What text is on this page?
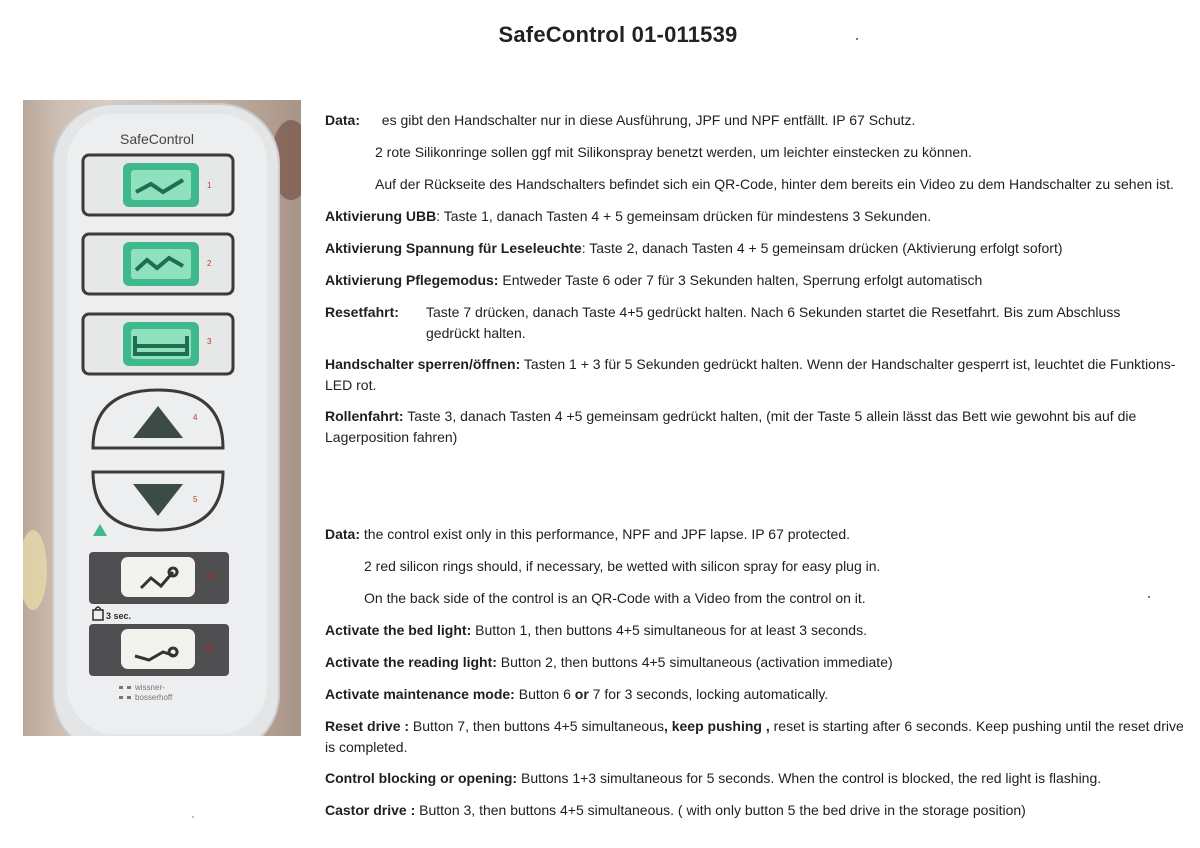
SafeControl 01-011539
SafeControl
1
2
3
4
5
3 sec.
wissner-
bosserhoff
Data: es gibt den Handschalter nur in diese Ausführung, JPF und NPF entfällt. IP 67 Schutz.
2 rote Silikonringe sollen ggf mit Silikonspray benetzt werden, um leichter einstecken zu können.
Auf der Rückseite des Handschalters befindet sich ein QR-Code, hinter dem bereits ein Video zu dem Handschalter zu sehen ist.
Aktivierung UBB: Taste 1, danach Tasten 4 + 5 gemeinsam drücken für mindestens 3 Sekunden.
Aktivierung Spannung für Leseleuchte: Taste 2, danach Tasten 4 + 5 gemeinsam drücken (Aktivierung erfolgt sofort)
Aktivierung Pflegemodus: Entweder Taste 6 oder 7 für 3 Sekunden halten, Sperrung erfolgt automatisch
Resetfahrt: Taste 7 drücken, danach Taste 4+5 gedrückt halten. Nach 6 Sekunden startet die Resetfahrt. Bis zum Abschluss gedrückt halten.
Handschalter sperren/öffnen: Tasten 1 + 3 für 5 Sekunden gedrückt halten. Wenn der Handschalter gesperrt ist, leuchtet die Funktions-LED rot.
Rollenfahrt: Taste 3, danach Tasten 4 +5 gemeinsam gedrückt halten, (mit der Taste 5 allein lässt das Bett wie gewohnt bis auf die Lagerposition fahren)
Data: the control exist only in this performance, NPF and JPF lapse. IP 67 protected.
2 red silicon rings should, if necessary, be wetted with silicon spray for easy plug in.
On the back side of the control is an QR-Code with a Video from the control on it.
Activate the bed light: Button 1, then buttons 4+5 simultaneous for at least 3 seconds.
Activate the reading light: Button 2, then buttons 4+5 simultaneous (activation immediate)
Activate maintenance mode: Button 6 or 7 for 3 seconds, locking automatically.
Reset drive : Button 7, then buttons 4+5 simultaneous, keep pushing , reset is starting after 6 seconds. Keep pushing until the reset drive is completed.
Control blocking or opening: Buttons 1+3 simultaneous for 5 seconds. When the control is blocked, the red light is flashing.
Castor drive : Button 3, then buttons 4+5 simultaneous. ( with only button 5 the bed drive in the storage position)
